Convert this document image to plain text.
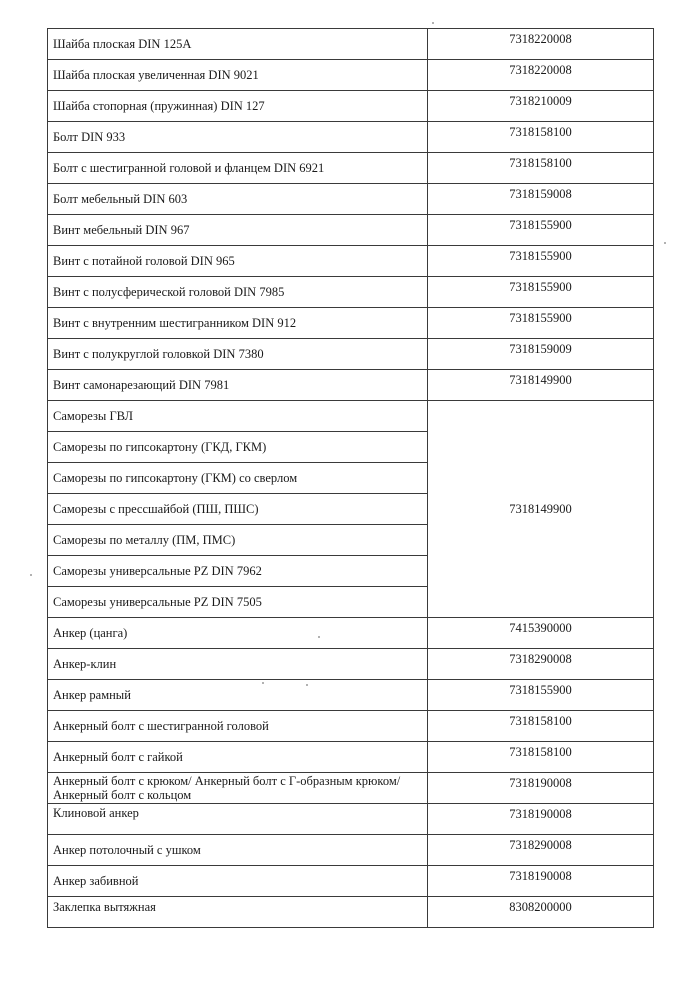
Шайба плоская DIN 125A	7318220008
Шайба плоская увеличенная DIN 9021	7318220008
Шайба стопорная (пружинная) DIN 127	7318210009
Болт DIN 933	7318158100
Болт с шестигранной головой и фланцем DIN 6921	7318158100
Болт мебельный DIN 603	7318159008
Винт мебельный DIN 967	7318155900
Винт с потайной головой DIN 965	7318155900
Винт с полусферической головой DIN 7985	7318155900
Винт с внутренним шестигранником DIN 912	7318155900
Винт с полукруглой головкой DIN 7380	7318159009
Винт самонарезающий DIN 7981	7318149900
Саморезы ГВЛ	7318149900
Саморезы по гипсокартону (ГКД, ГКМ)	
Саморезы по гипсокартону (ГКМ) со сверлом	
Саморезы с прессшайбой (ПШ, ПШС)	
Саморезы по металлу (ПМ, ПМС)	
Саморезы универсальные PZ DIN 7962	
Саморезы универсальные PZ DIN 7505	
Анкер (цанга)	7415390000
Анкер-клин	7318290008
Анкер рамный	7318155900
Анкерный болт с шестигранной головой	7318158100
Анкерный болт с гайкой	7318158100
Анкерный болт с крюком/ Анкерный болт с Г-образным крюком/ Анкерный болт с кольцом	7318190008
Клиновой анкер	7318190008
Анкер потолочный с ушком	7318290008
Анкер забивной	7318190008
Заклепка вытяжная	8308200000
